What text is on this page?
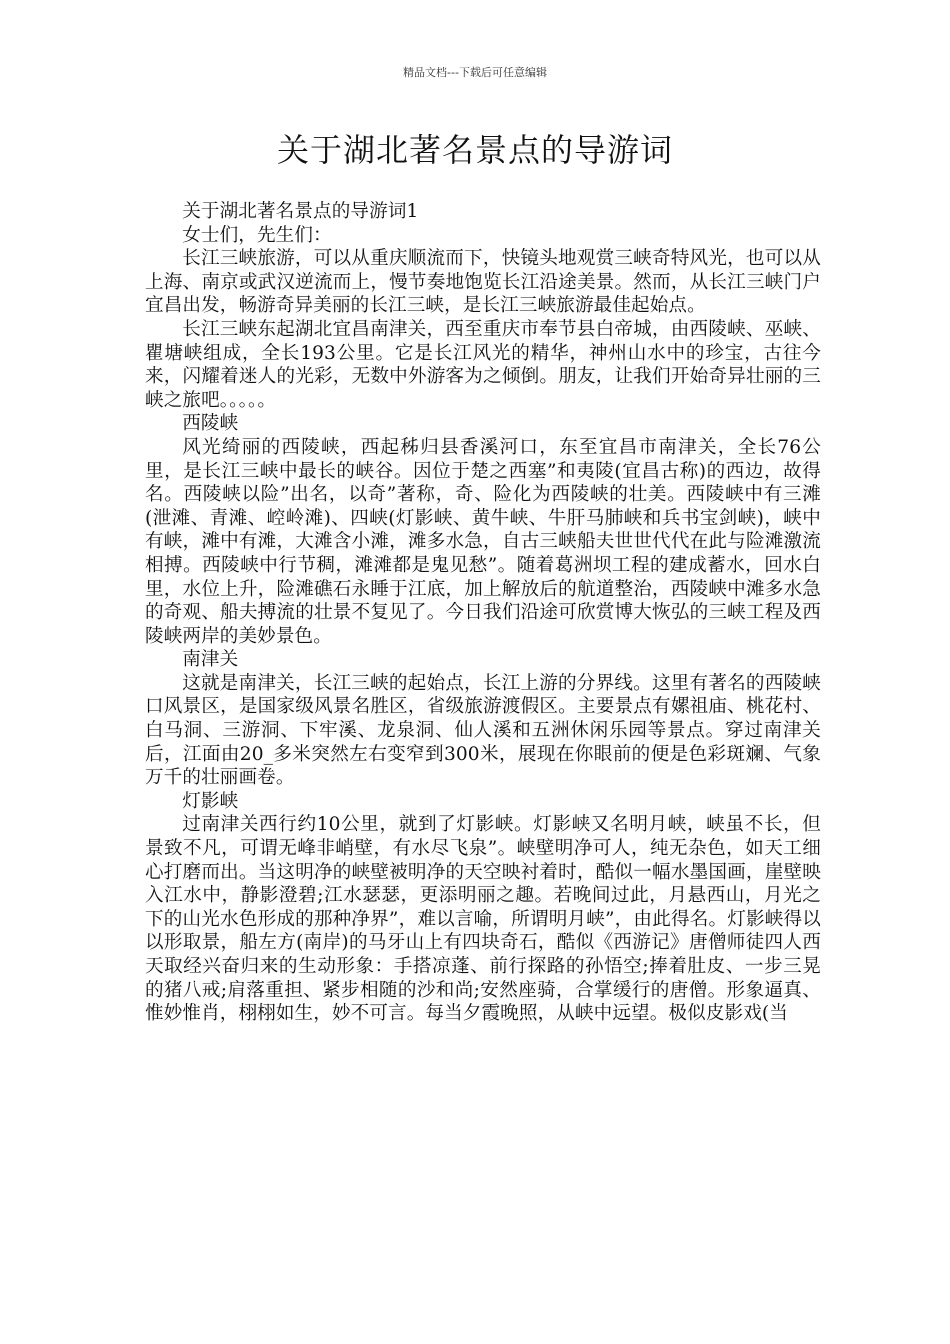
精品文档---下载后可任意编辑
关于湖北著名景点的导游词

关于湖北著名景点的导游词1

女士们，先生们：

长江三峡旅游，可以从重庆顺流而下，快镜头地观赏三峡奇特风光，也可以从上海、南京或武汉逆流而上，慢节奏地饱览长江沿途美景。然而，从长江三峡门户宜昌出发，畅游奇异美丽的长江三峡，是长江三峡旅游最佳起始点。

长江三峡东起湖北宜昌南津关，西至重庆市奉节县白帝城，由西陵峡、巫峡、瞿塘峡组成，全长193公里。它是长江风光的精华，神州山水中的珍宝，古往今来，闪耀着迷人的光彩，无数中外游客为之倾倒。朋友，让我们开始奇异壮丽的三峡之旅吧。。。。。

西陵峡

风光绮丽的西陵峡，西起秭归县香溪河口，东至宜昌市南津关，全长76公里，是长江三峡中最长的峡谷。因位于楚之西塞”和夷陵(宜昌古称)的西边，故得名。西陵峡以险”出名，以奇”著称，奇、险化为西陵峡的壮美。西陵峡中有三滩(泄滩、青滩、崆岭滩)、四峡(灯影峡、黄牛峡、牛肝马肺峡和兵书宝剑峡)，峡中有峡，滩中有滩，大滩含小滩，滩多水急，自古三峡船夫世世代代在此与险滩激流相搏。西陵峡中行节稠，滩滩都是鬼见愁”。随着葛洲坝工程的建成蓄水，回水白里，水位上升，险滩礁石永睡于江底，加上解放后的航道整治，西陵峡中滩多水急的奇观、船夫搏流的壮景不复见了。今日我们沿途可欣赏博大恢弘的三峡工程及西陵峡两岸的美妙景色。

南津关

这就是南津关，长江三峡的起始点，长江上游的分界线。这里有著名的西陵峡口风景区，是国家级风景名胜区，省级旅游渡假区。主要景点有嫘祖庙、桃花村、白马洞、三游洞、下牢溪、龙泉洞、仙人溪和五洲休闲乐园等景点。穿过南津关后，江面由20_多米突然左右变窄到300米，展现在你眼前的便是色彩斑斓、气象万千的壮丽画卷。

灯影峡

过南津关西行约10公里，就到了灯影峡。灯影峡又名明月峡，峡虽不长，但景致不凡，可谓无峰非峭壁，有水尽飞泉”。峡壁明净可人，纯无杂色，如天工细心打磨而出。当这明净的峡壁被明净的天空映衬着时，酷似一幅水墨国画，崖壁映入江水中，静影澄碧;江水瑟瑟，更添明丽之趣。若晚间过此，月悬西山，月光之下的山光水色形成的那种净界”，难以言喻，所谓明月峡”，由此得名。灯影峡得以以形取景，船左方(南岸)的马牙山上有四块奇石，酷似《西游记》唐僧师徒四人西天取经兴奋归来的生动形象：手搭凉蓬、前行探路的孙悟空;捧着肚皮、一步三晃的猪八戒;肩落重担、紧步相随的沙和尚;安然座骑，合掌缓行的唐僧。形象逼真、惟妙惟肖，栩栩如生，妙不可言。每当夕霞晚照，从峡中远望。极似皮影戏(当
